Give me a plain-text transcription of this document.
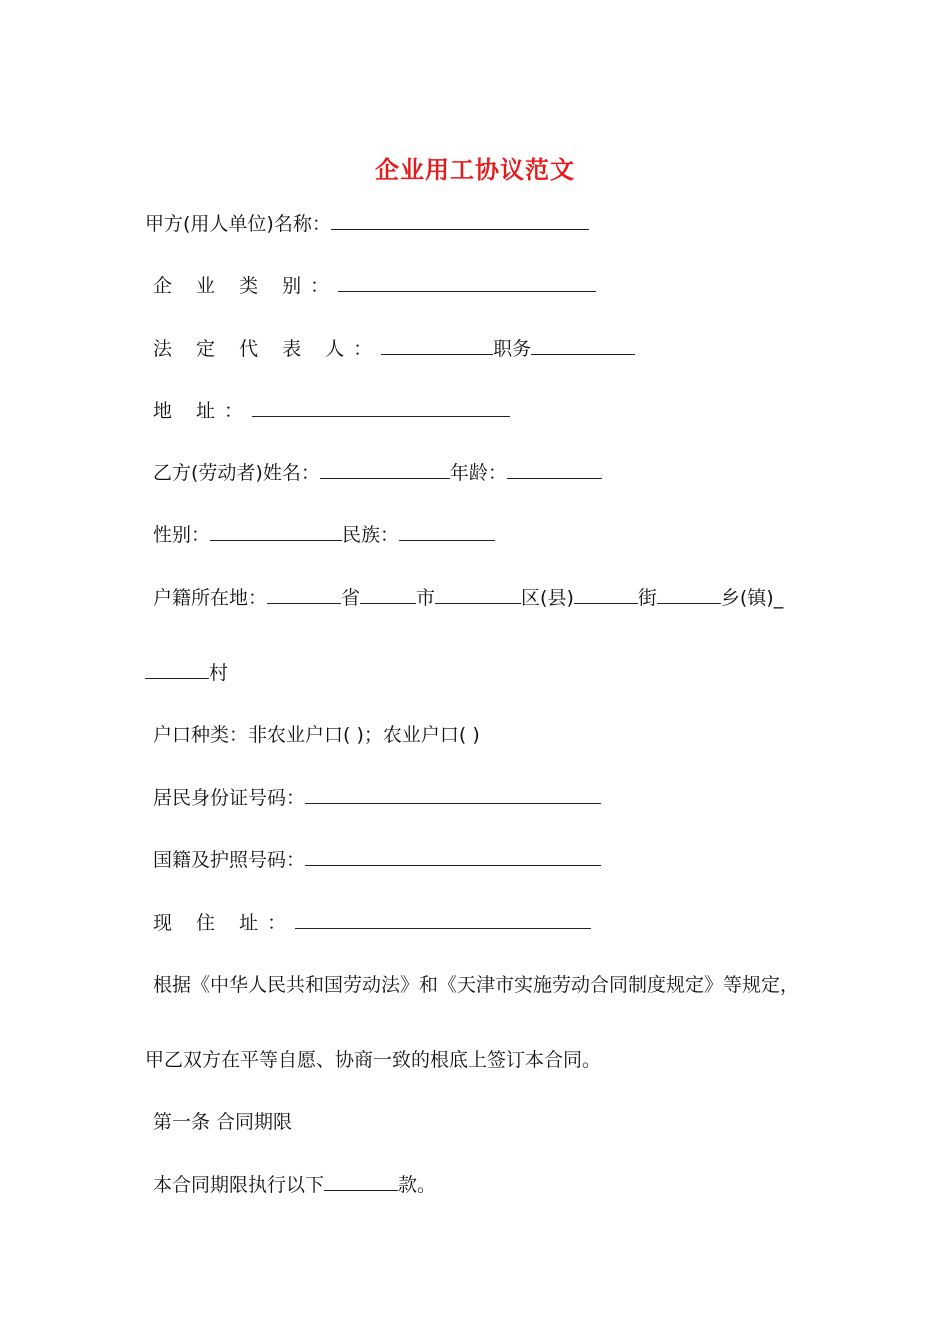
企业用工协议范文
甲方(用人单位)名称：
企 业 类 别：
法 定 代 表 人：	职务
地 址：
乙方(劳动者)姓名：	年龄：
性别：	民族：
户籍所在地：	省	市	区(县)	街	乡(镇)_
村
户口种类：非农业户口( )；农业户口( )
居民身份证号码：
国籍及护照号码：
现 住 址：
根据《中华人民共和国劳动法》和《天津市实施劳动合同制度规定》等规定，
甲乙双方在平等自愿、协商一致的根底上签订本合同。
第一条 合同期限
本合同期限执行以下	款。
